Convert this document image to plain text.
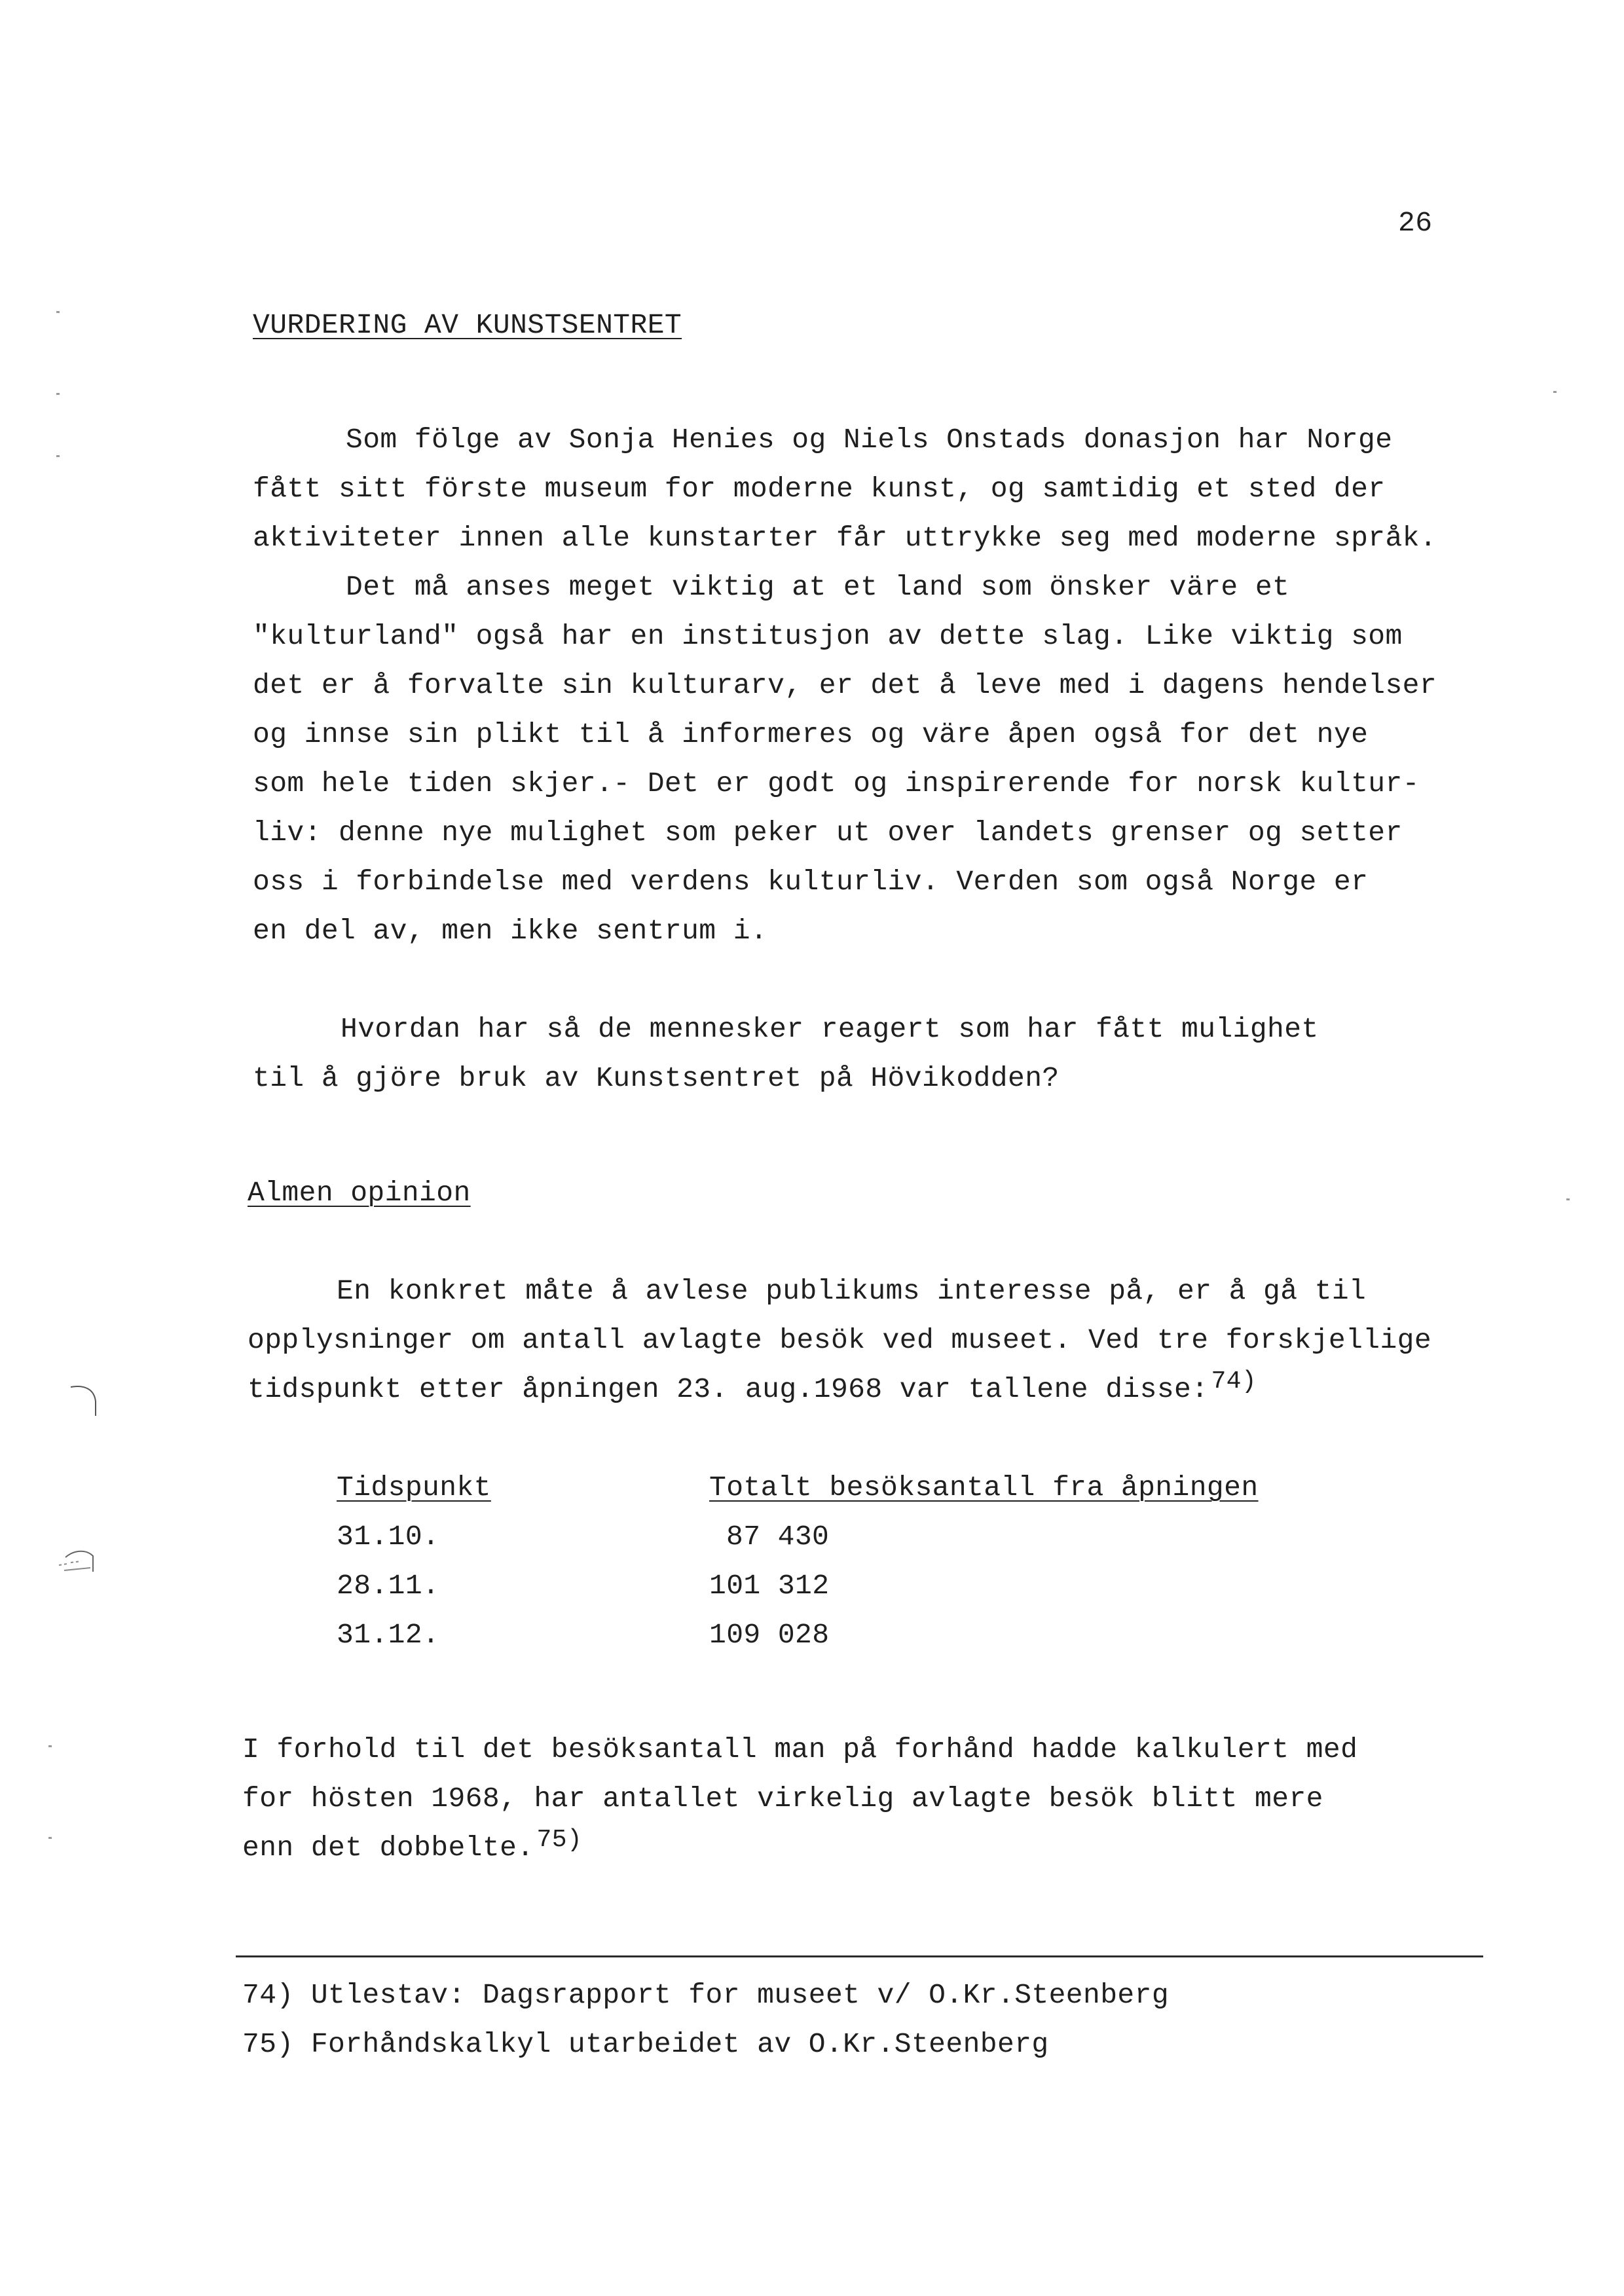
26
VURDERING AV KUNSTSENTRET
Som fölge av Sonja Henies og Niels Onstads donasjon har Norge
fått sitt förste museum for moderne kunst, og samtidig et sted der
aktiviteter innen alle kunstarter får uttrykke seg med moderne språk.
Det må anses meget viktig at et land som önsker väre et
"kulturland" også har en institusjon av dette slag. Like viktig som
det er å forvalte sin kulturarv, er det å leve med i dagens hendelser
og innse sin plikt til å informeres og väre åpen også for det nye
som hele tiden skjer.- Det er godt og inspirerende for norsk kultur-
liv: denne nye mulighet som peker ut over landets grenser og setter
oss i forbindelse med verdens kulturliv. Verden som også Norge er
en del av, men ikke sentrum i.
Hvordan har så de mennesker reagert som har fått mulighet
til å gjöre bruk av Kunstsentret på Hövikodden?
Almen opinion
En konkret måte å avlese publikums interesse på, er å gå til
opplysninger om antall avlagte besök ved museet. Ved tre forskjellige
tidspunkt etter åpningen 23. aug.1968 var tallene disse: $^{74)}$
Tidspunkt	Totalt besöksantall fra åpningen
31.10.	87 430
28.11.	101 312
31.12.	109 028
I forhold til det besöksantall man på forhånd hadde kalkulert med
for hösten 1968, har antallet virkelig avlagte besök blitt mere
enn det dobbelte. $^{75)}$
74) Utlestav: Dagsrapport for museet v/ O.Kr.Steenberg
75) Forhåndskalkyl utarbeidet av O.Kr.Steenberg
